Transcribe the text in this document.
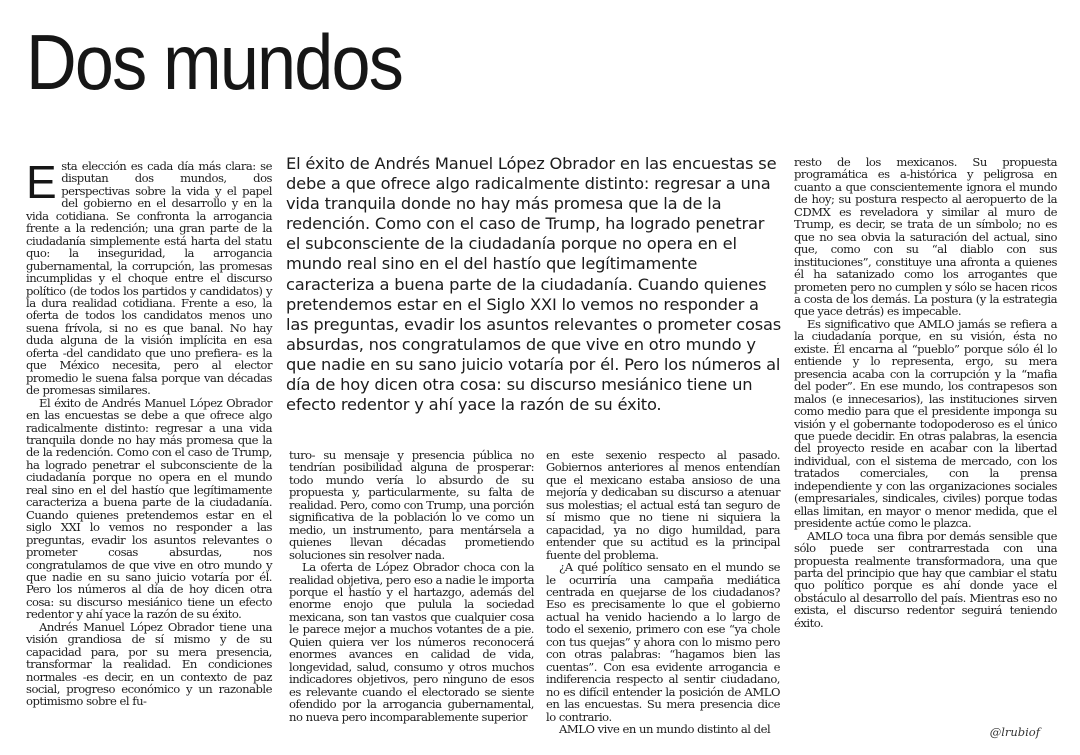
Dos mundos

El éxito de Andrés Manuel López Obrador en las encuestas se debe a que ofrece algo radicalmente distinto: regresar a una vida tranquila donde no hay más promesa que la de la redención. Como con el caso de Trump, ha logrado penetrar el subconsciente de la ciudadanía porque no opera en el mundo real sino en el del hastío que legítimamente caracteriza a buena parte de la ciudadanía. Cuando quienes pretendemos estar en el Siglo XXI lo vemos no responder a las preguntas, evadir los asuntos relevantes o prometer cosas absurdas, nos congratulamos de que vive en otro mundo y que nadie en su sano juicio votaría por él. Pero los números al día de hoy dicen otra cosa: su discurso mesiánico tiene un efecto redentor y ahí yace la razón de su éxito.

Esta elección es cada día más clara: se disputan dos mundos, dos perspectivas sobre la vida y el papel del gobierno en el desarrollo y en la vida cotidiana. Se confronta la arrogancia frente a la redención; una gran parte de la ciudadanía simplemente está harta del statu quo: la inseguridad, la arrogancia gubernamental, la corrupción, las promesas incumplidas y el choque entre el discurso político (de todos los partidos y candidatos) y la dura realidad cotidiana. Frente a eso, la oferta de todos los candidatos menos uno suena frívola, si no es que banal. No hay duda alguna de la visión implícita en esa oferta -del candidato que uno prefiera- es la que México necesita, pero al elector promedio le suena falsa porque van décadas de promesas similares.

El éxito de Andrés Manuel López Obrador en las encuestas se debe a que ofrece algo radicalmente distinto: regresar a una vida tranquila donde no hay más promesa que la de la redención. Como con el caso de Trump, ha logrado penetrar el subconsciente de la ciudadanía porque no opera en el mundo real sino en el del hastío que legítimamente caracteriza a buena parte de la ciudadanía. Cuando quienes pretendemos estar en el siglo XXI lo vemos no responder a las preguntas, evadir los asuntos relevantes o prometer cosas absurdas, nos congratulamos de que vive en otro mundo y que nadie en su sano juicio votaría por él. Pero los números al día de hoy dicen otra cosa: su discurso mesiánico tiene un efecto redentor y ahí yace la razón de su éxito.

Andrés Manuel López Obrador tiene una visión grandiosa de sí mismo y de su capacidad para, por su mera presencia, transformar la realidad. En condiciones normales -es decir, en un contexto de paz social, progreso económico y un razonable optimismo sobre el fu-

turo- su mensaje y presencia pública no tendrían posibilidad alguna de prosperar: todo mundo vería lo absurdo de su propuesta y, particularmente, su falta de realidad. Pero, como con Trump, una porción significativa de la población lo ve como un medio, un instrumento, para mentársela a quienes llevan décadas prometiendo soluciones sin resolver nada.

La oferta de López Obrador choca con la realidad objetiva, pero eso a nadie le importa porque el hastío y el hartazgo, además del enorme enojo que pulula la sociedad mexicana, son tan vastos que cualquier cosa le parece mejor a muchos votantes de a pie. Quien quiera ver los números reconocerá enormes avances en calidad de vida, longevidad, salud, consumo y otros muchos indicadores objetivos, pero ninguno de esos es relevante cuando el electorado se siente ofendido por la arrogancia gubernamental, no nueva pero incomparablemente superior

en este sexenio respecto al pasado. Gobiernos anteriores al menos entendían que el mexicano estaba ansioso de una mejoría y dedicaban su discurso a atenuar sus molestias; el actual está tan seguro de sí mismo que no tiene ni siquiera la capacidad, ya no digo humildad, para entender que su actitud es la principal fuente del problema.

¿A qué político sensato en el mundo se le ocurriría una campaña mediática centrada en quejarse de los ciudadanos? Eso es precisamente lo que el gobierno actual ha venido haciendo a lo largo de todo el sexenio, primero con ese “ya chole con tus quejas” y ahora con lo mismo pero con otras palabras: “hagamos bien las cuentas”. Con esa evidente arrogancia e indiferencia respecto al sentir ciudadano, no es difícil entender la posición de AMLO en las encuestas. Su mera presencia dice lo contrario.

AMLO vive en un mundo distinto al del

resto de los mexicanos. Su propuesta programática es a-histórica y peligrosa en cuanto a que conscientemente ignora el mundo de hoy; su postura respecto al aeropuerto de la CDMX es reveladora y similar al muro de Trump, es decir, se trata de un símbolo; no es que no sea obvia la saturación del actual, sino que, como con su “al diablo con sus instituciones”, constituye una afronta a quienes él ha satanizado como los arrogantes que prometen pero no cumplen y sólo se hacen ricos a costa de los demás. La postura (y la estrategia que yace detrás) es impecable.

Es significativo que AMLO jamás se refiera a la ciudadanía porque, en su visión, ésta no existe. Él encarna al “pueblo” porque sólo él lo entiende y lo representa, ergo, su mera presencia acaba con la corrupción y la “mafia del poder”. En ese mundo, los contrapesos son malos (e innecesarios), las instituciones sirven como medio para que el presidente imponga su visión y el gobernante todopoderoso es el único que puede decidir. En otras palabras, la esencia del proyecto reside en acabar con la libertad individual, con el sistema de mercado, con los tratados comerciales, con la prensa independiente y con las organizaciones sociales (empresariales, sindicales, civiles) porque todas ellas limitan, en mayor o menor medida, que el presidente actúe como le plazca.

AMLO toca una fibra por demás sensible que sólo puede ser contrarrestada con una propuesta realmente transformadora, una que parta del principio que hay que cambiar el statu quo político porque es ahí donde yace el obstáculo al desarrollo del país. Mientras eso no exista, el discurso redentor seguirá teniendo éxito.

@lrubiof
